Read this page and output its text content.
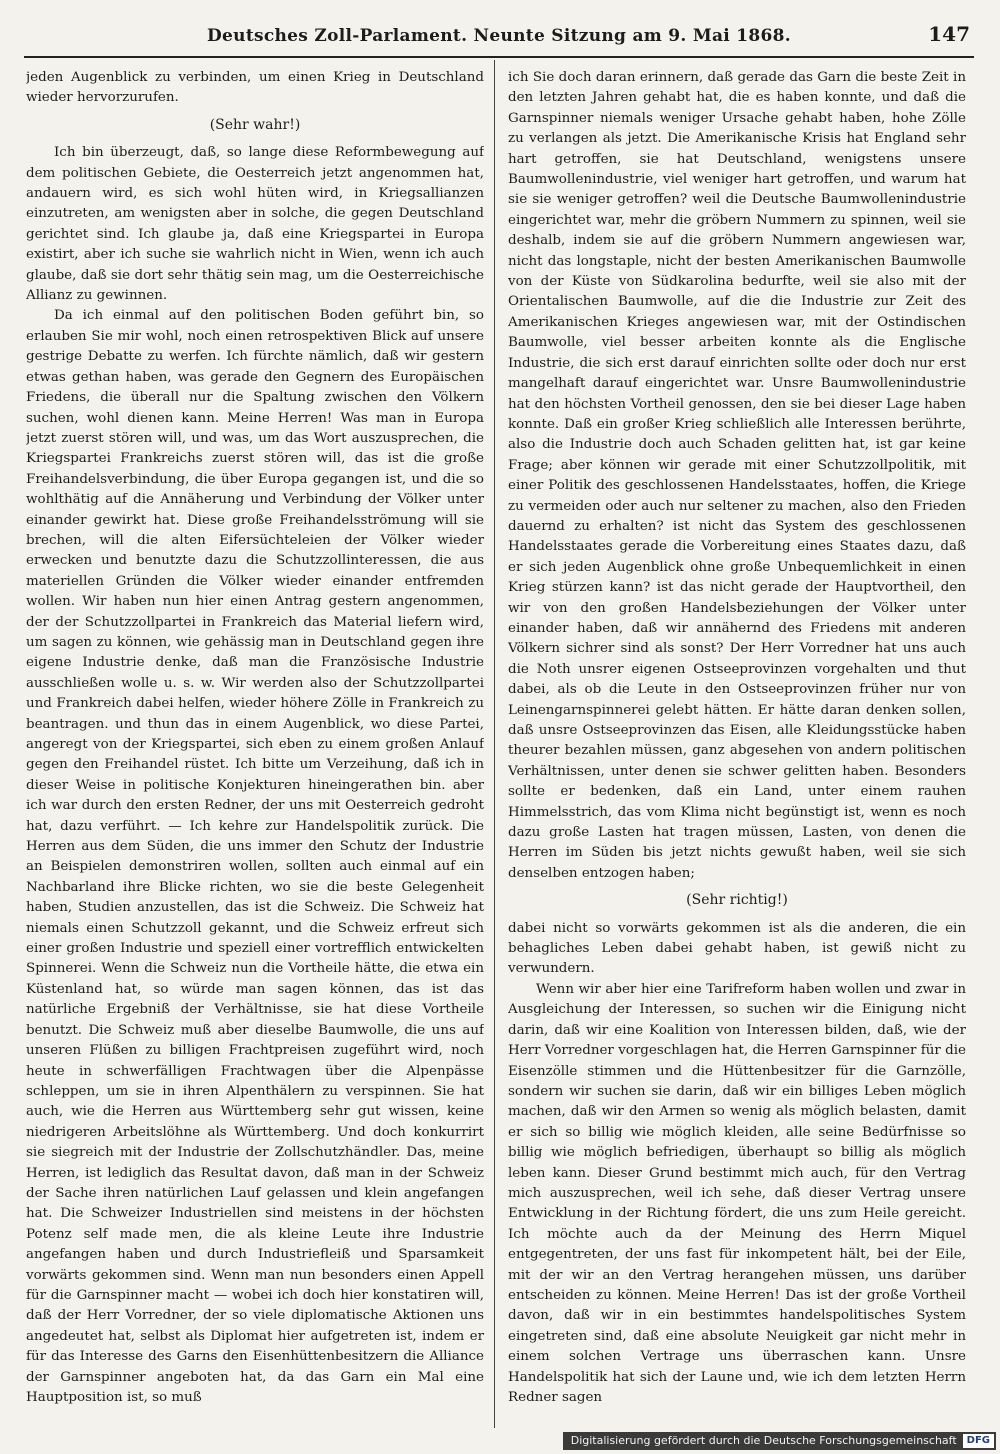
Deutsches Zoll-Parlament. Neunte Sitzung am 9. Mai 1868.	147

jeden Augenblick zu verbinden, um einen Krieg in Deutschland wieder hervorzurufen.

(Sehr wahr!)

Ich bin überzeugt, daß, so lange diese Reformbewegung auf dem politischen Gebiete, die Oesterreich jetzt angenommen hat, andauern wird, es sich wohl hüten wird, in Kriegsallianzen einzutreten, am wenigsten aber in solche, die gegen Deutschland gerichtet sind. Ich glaube ja, daß eine Kriegspartei in Europa existirt, aber ich suche sie wahrlich nicht in Wien, wenn ich auch glaube, daß sie dort sehr thätig sein mag, um die Oesterreichische Allianz zu gewinnen.

Da ich einmal auf den politischen Boden geführt bin, so erlauben Sie mir wohl, noch einen retrospektiven Blick auf unsere gestrige Debatte zu werfen. Ich fürchte nämlich, daß wir gestern etwas gethan haben, was gerade den Gegnern des Europäischen Friedens, die überall nur die Spaltung zwischen den Völkern suchen, wohl dienen kann. Meine Herren! Was man in Europa jetzt zuerst stören will, und was, um das Wort auszusprechen, die Kriegspartei Frankreichs zuerst stören will, das ist die große Freihandelsverbindung, die über Europa gegangen ist, und die so wohlthätig auf die Annäherung und Verbindung der Völker unter einander gewirkt hat. Diese große Freihandelsströmung will sie brechen, will die alten Eifersüchteleien der Völker wieder erwecken und benutzte dazu die Schutzzollinteressen, die aus materiellen Gründen die Völker wieder einander entfremden wollen. Wir haben nun hier einen Antrag gestern angenommen, der der Schutzzollpartei in Frankreich das Material liefern wird, um sagen zu können, wie gehässig man in Deutschland gegen ihre eigene Industrie denke, daß man die Französische Industrie ausschließen wolle u. s. w. Wir werden also der Schutzzollpartei und Frankreich dabei helfen, wieder höhere Zölle in Frankreich zu beantragen. und thun das in einem Augenblick, wo diese Partei, angeregt von der Kriegspartei, sich eben zu einem großen Anlauf gegen den Freihandel rüstet. Ich bitte um Verzeihung, daß ich in dieser Weise in politische Konjekturen hineingerathen bin. aber ich war durch den ersten Redner, der uns mit Oesterreich gedroht hat, dazu verführt. — Ich kehre zur Handelspolitik zurück. Die Herren aus dem Süden, die uns immer den Schutz der Industrie an Beispielen demonstriren wollen, sollten auch einmal auf ein Nachbarland ihre Blicke richten, wo sie die beste Gelegenheit haben, Studien anzustellen, das ist die Schweiz. Die Schweiz hat niemals einen Schutzzoll gekannt, und die Schweiz erfreut sich einer großen Industrie und speziell einer vortrefflich entwickelten Spinnerei. Wenn die Schweiz nun die Vortheile hätte, die etwa ein Küstenland hat, so würde man sagen können, das ist das natürliche Ergebniß der Verhältnisse, sie hat diese Vortheile benutzt. Die Schweiz muß aber dieselbe Baumwolle, die uns auf unseren Flüßen zu billigen Frachtpreisen zugeführt wird, noch heute in schwerfälligen Frachtwagen über die Alpenpässe schleppen, um sie in ihren Alpenthälern zu verspinnen. Sie hat auch, wie die Herren aus Württemberg sehr gut wissen, keine niedrigeren Arbeitslöhne als Württemberg. Und doch konkurrirt sie siegreich mit der Industrie der Zollschutzhändler. Das, meine Herren, ist lediglich das Resultat davon, daß man in der Schweiz der Sache ihren natürlichen Lauf gelassen und klein angefangen hat. Die Schweizer Industriellen sind meistens in der höchsten Potenz self made men, die als kleine Leute ihre Industrie angefangen haben und durch Industriefleiß und Sparsamkeit vorwärts gekommen sind. Wenn man nun besonders einen Appell für die Garnspinner macht — wobei ich doch hier konstatiren will, daß der Herr Vorredner, der so viele diplomatische Aktionen uns angedeutet hat, selbst als Diplomat hier aufgetreten ist, indem er für das Interesse des Garns den Eisenhüttenbesitzern die Alliance der Garnspinner angeboten hat, da das Garn ein Mal eine Hauptposition ist, so muß

ich Sie doch daran erinnern, daß gerade das Garn die beste Zeit in den letzten Jahren gehabt hat, die es haben konnte, und daß die Garnspinner niemals weniger Ursache gehabt haben, hohe Zölle zu verlangen als jetzt. Die Amerikanische Krisis hat England sehr hart getroffen, sie hat Deutschland, wenigstens unsere Baumwollenindustrie, viel weniger hart getroffen, und warum hat sie sie weniger getroffen? weil die Deutsche Baumwollenindustrie eingerichtet war, mehr die gröbern Nummern zu spinnen, weil sie deshalb, indem sie auf die gröbern Nummern angewiesen war, nicht das longstaple, nicht der besten Amerikanischen Baumwolle von der Küste von Südkarolina bedurfte, weil sie also mit der Orientalischen Baumwolle, auf die die Industrie zur Zeit des Amerikanischen Krieges angewiesen war, mit der Ostindischen Baumwolle, viel besser arbeiten konnte als die Englische Industrie, die sich erst darauf einrichten sollte oder doch nur erst mangelhaft darauf eingerichtet war. Unsre Baumwollenindustrie hat den höchsten Vortheil genossen, den sie bei dieser Lage haben konnte. Daß ein großer Krieg schließlich alle Interessen berührte, also die Industrie doch auch Schaden gelitten hat, ist gar keine Frage; aber können wir gerade mit einer Schutzzollpolitik, mit einer Politik des geschlossenen Handelsstaates, hoffen, die Kriege zu vermeiden oder auch nur seltener zu machen, also den Frieden dauernd zu erhalten? ist nicht das System des geschlossenen Handelsstaates gerade die Vorbereitung eines Staates dazu, daß er sich jeden Augenblick ohne große Unbequemlichkeit in einen Krieg stürzen kann? ist das nicht gerade der Hauptvortheil, den wir von den großen Handelsbeziehungen der Völker unter einander haben, daß wir annähernd des Friedens mit anderen Völkern sichrer sind als sonst? Der Herr Vorredner hat uns auch die Noth unsrer eigenen Ostseeprovinzen vorgehalten und thut dabei, als ob die Leute in den Ostseeprovinzen früher nur von Leinengarnspinnerei gelebt hätten. Er hätte daran denken sollen, daß unsre Ostseeprovinzen das Eisen, alle Kleidungsstücke haben theurer bezahlen müssen, ganz abgesehen von andern politischen Verhältnissen, unter denen sie schwer gelitten haben. Besonders sollte er bedenken, daß ein Land, unter einem rauhen Himmelsstrich, das vom Klima nicht begünstigt ist, wenn es noch dazu große Lasten hat tragen müssen, Lasten, von denen die Herren im Süden bis jetzt nichts gewußt haben, weil sie sich denselben entzogen haben;

(Sehr richtig!)

dabei nicht so vorwärts gekommen ist als die anderen, die ein behagliches Leben dabei gehabt haben, ist gewiß nicht zu verwundern.

Wenn wir aber hier eine Tarifreform haben wollen und zwar in Ausgleichung der Interessen, so suchen wir die Einigung nicht darin, daß wir eine Koalition von Interessen bilden, daß, wie der Herr Vorredner vorgeschlagen hat, die Herren Garnspinner für die Eisenzölle stimmen und die Hüttenbesitzer für die Garnzölle, sondern wir suchen sie darin, daß wir ein billiges Leben möglich machen, daß wir den Armen so wenig als möglich belasten, damit er sich so billig wie möglich kleiden, alle seine Bedürfnisse so billig wie möglich befriedigen, überhaupt so billig als möglich leben kann. Dieser Grund bestimmt mich auch, für den Vertrag mich auszusprechen, weil ich sehe, daß dieser Vertrag unsere Entwicklung in der Richtung fördert, die uns zum Heile gereicht. Ich möchte auch da der Meinung des Herrn Miquel entgegentreten, der uns fast für inkompetent hält, bei der Eile, mit der wir an den Vertrag herangehen müssen, uns darüber entscheiden zu können. Meine Herren! Das ist der große Vortheil davon, daß wir in ein bestimmtes handelspolitisches System eingetreten sind, daß eine absolute Neuigkeit gar nicht mehr in einem solchen Vertrage uns überraschen kann. Unsre Handelspolitik hat sich der Laune und, wie ich dem letzten Herrn Redner sagen

Digitalisierung gefördert durch die Deutsche Forschungsgemeinschaft	DFG
